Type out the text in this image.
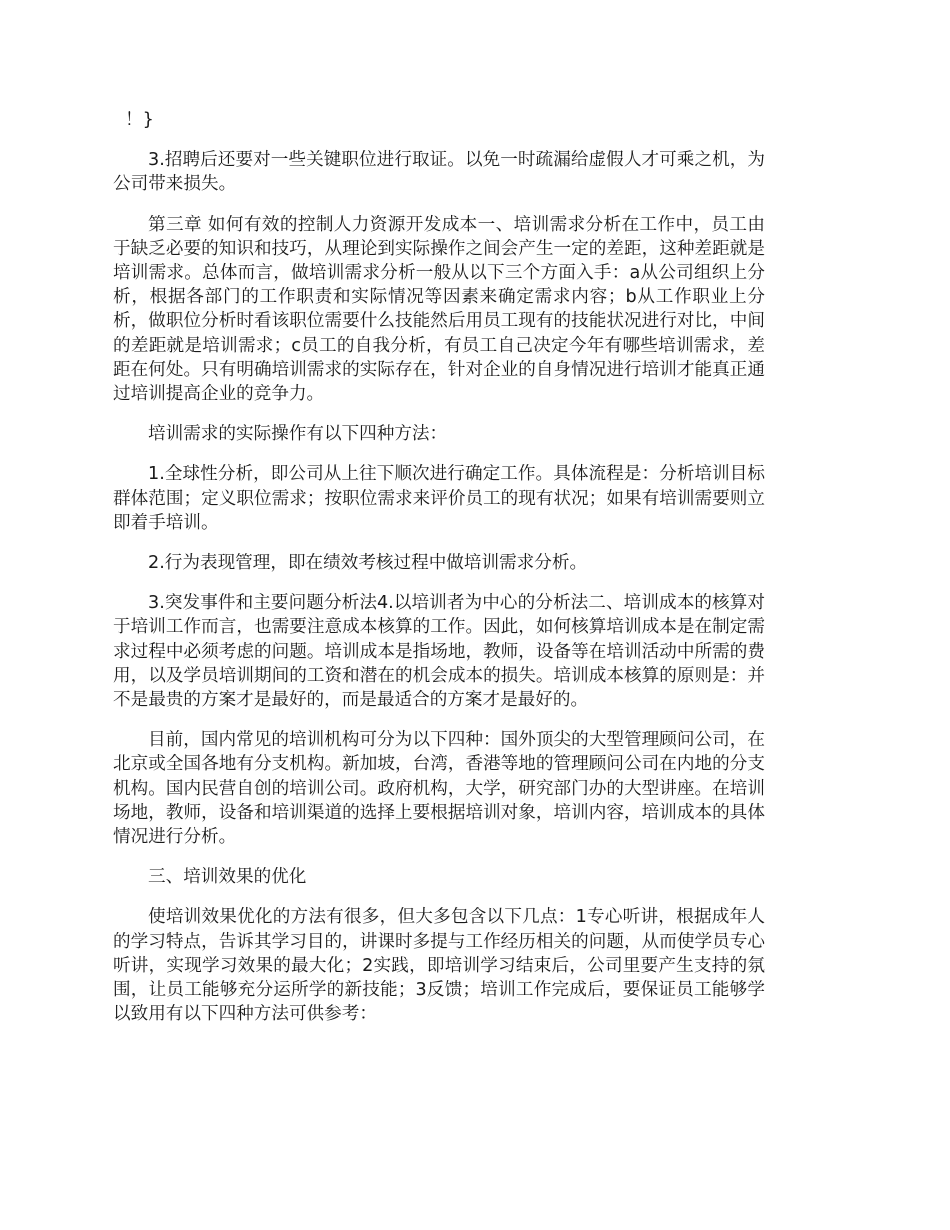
！}

3.招聘后还要对一些关键职位进行取证。以免一时疏漏给虚假人才可乘之机，为公司带来损失。

第三章 如何有效的控制人力资源开发成本一、培训需求分析在工作中，员工由于缺乏必要的知识和技巧，从理论到实际操作之间会产生一定的差距，这种差距就是培训需求。总体而言，做培训需求分析一般从以下三个方面入手：a从公司组织上分析，根据各部门的工作职责和实际情况等因素来确定需求内容；b从工作职业上分析，做职位分析时看该职位需要什么技能然后用员工现有的技能状况进行对比，中间的差距就是培训需求；c员工的自我分析，有员工自己决定今年有哪些培训需求，差距在何处。只有明确培训需求的实际存在，针对企业的自身情况进行培训才能真正通过培训提高企业的竞争力。

培训需求的实际操作有以下四种方法：

1.全球性分析，即公司从上往下顺次进行确定工作。具体流程是：分析培训目标群体范围；定义职位需求；按职位需求来评价员工的现有状况；如果有培训需要则立即着手培训。

2.行为表现管理，即在绩效考核过程中做培训需求分析。

3.突发事件和主要问题分析法4.以培训者为中心的分析法二、培训成本的核算对于培训工作而言，也需要注意成本核算的工作。因此，如何核算培训成本是在制定需求过程中必须考虑的问题。培训成本是指场地，教师，设备等在培训活动中所需的费用，以及学员培训期间的工资和潜在的机会成本的损失。培训成本核算的原则是：并不是最贵的方案才是最好的，而是最适合的方案才是最好的。

目前，国内常见的培训机构可分为以下四种：国外顶尖的大型管理顾问公司，在北京或全国各地有分支机构。新加坡，台湾，香港等地的管理顾问公司在内地的分支机构。国内民营自创的培训公司。政府机构，大学，研究部门办的大型讲座。在培训场地，教师，设备和培训渠道的选择上要根据培训对象，培训内容，培训成本的具体情况进行分析。

三、培训效果的优化

使培训效果优化的方法有很多，但大多包含以下几点：1专心听讲，根据成年人的学习特点，告诉其学习目的，讲课时多提与工作经历相关的问题，从而使学员专心听讲，实现学习效果的最大化；2实践，即培训学习结束后，公司里要产生支持的氛围，让员工能够充分运所学的新技能；3反馈；培训工作完成后，要保证员工能够学以致用有以下四种方法可供参考：
